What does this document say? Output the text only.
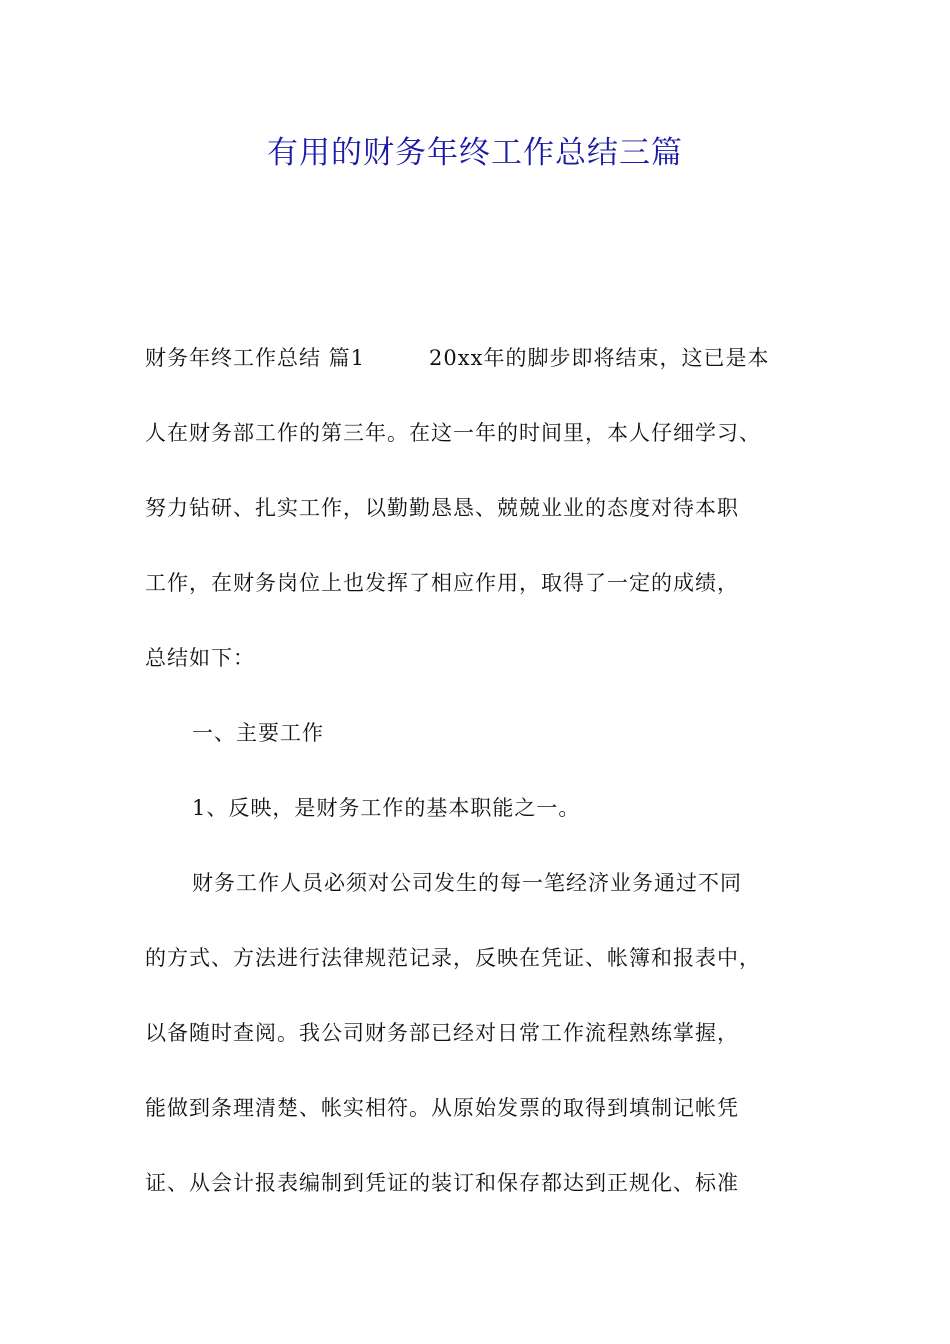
有用的财务年终工作总结三篇
财务年终工作总结 篇1	20xx年的脚步即将结束，这已是本
人在财务部工作的第三年。在这一年的时间里，本人仔细学习、
努力钻研、扎实工作，以勤勤恳恳、兢兢业业的态度对待本职
工作，在财务岗位上也发挥了相应作用，取得了一定的成绩，
总结如下：
一、主要工作
1、反映，是财务工作的基本职能之一。
财务工作人员必须对公司发生的每一笔经济业务通过不同
的方式、方法进行法律规范记录，反映在凭证、帐簿和报表中，
以备随时查阅。我公司财务部已经对日常工作流程熟练掌握，
能做到条理清楚、帐实相符。从原始发票的取得到填制记帐凭
证、从会计报表编制到凭证的装订和保存都达到正规化、标准
